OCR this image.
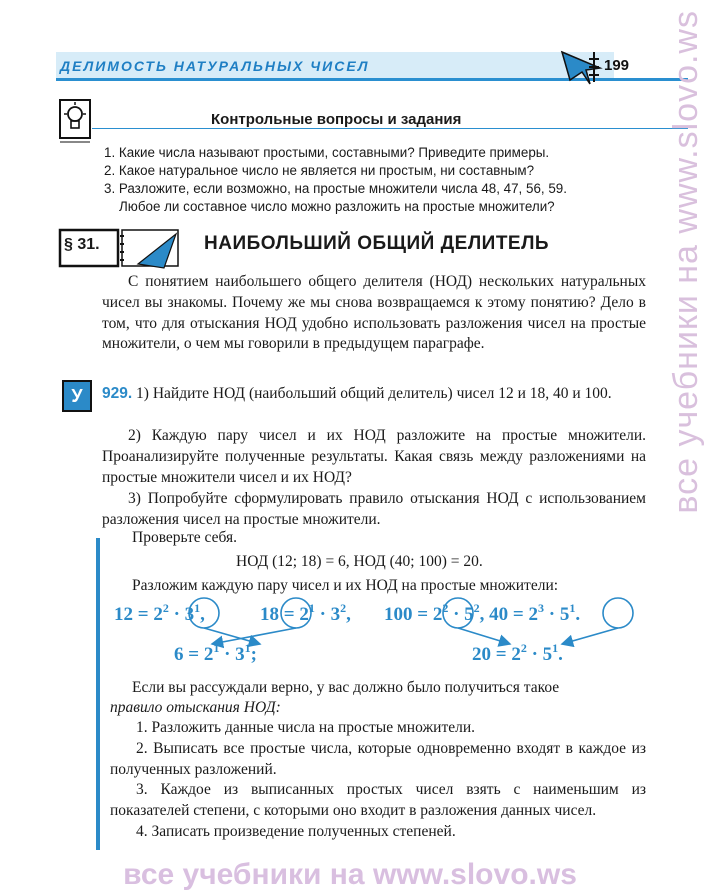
ДЕЛИМОСТЬ НАТУРАЛЬНЫХ ЧИСЕЛ	199
Контрольные вопросы и задания
1. Какие числа называют простыми, составными? Приведите примеры.
2. Какое натуральное число не является ни простым, ни составным?
3. Разложите, если возможно, на простые множители числа 48, 47, 56, 59.
Любое ли составное число можно разложить на простые множители?
§ 31.	НАИБОЛЬШИЙ ОБЩИЙ ДЕЛИТЕЛЬ
С понятием наибольшего общего делителя (НОД) нескольких натуральных чисел вы знакомы. Почему же мы снова возвращаемся к этому понятию? Дело в том, что для отыскания НОД удобно использовать разложения чисел на простые множители, о чем мы говорили в предыдущем параграфе.
У	929. 1) Найдите НОД (наибольший общий делитель) чисел 12 и 18, 40 и 100.
2) Каждую пару чисел и их НОД разложите на простые множители. Проанализируйте полученные результаты. Какая связь между разложениями на простые множители чисел и их НОД?
3) Попробуйте сформулировать правило отыскания НОД с использованием разложения чисел на простые множители.
Проверьте себя.
НОД (12; 18) = 6, НОД (40; 100) = 20.
Разложим каждую пару чисел и их НОД на простые множители:
$12 = 2^2 \cdot 3^1$,	$18 = 2^1 \cdot 3^2$, $100 = 2^2 \cdot 5^2$, $40 = 2^3 \cdot 5^1$.
$6 = 2^1 \cdot 3^1$;	$20 = 2^2 \cdot 5^1$.
Если вы рассуждали верно, у вас должно было получиться такое
правило отыскания НОД:
1. Разложить данные числа на простые множители.
2. Выписать все простые числа, которые одновременно входят в каждое из полученных разложений.
3. Каждое из выписанных простых чисел взять с наименьшим из показателей степени, с которыми оно входит в разложения данных чисел.
4. Записать произведение полученных степеней.
все учебники на www.slovo.ws
все учебники на www.slovo.ws
